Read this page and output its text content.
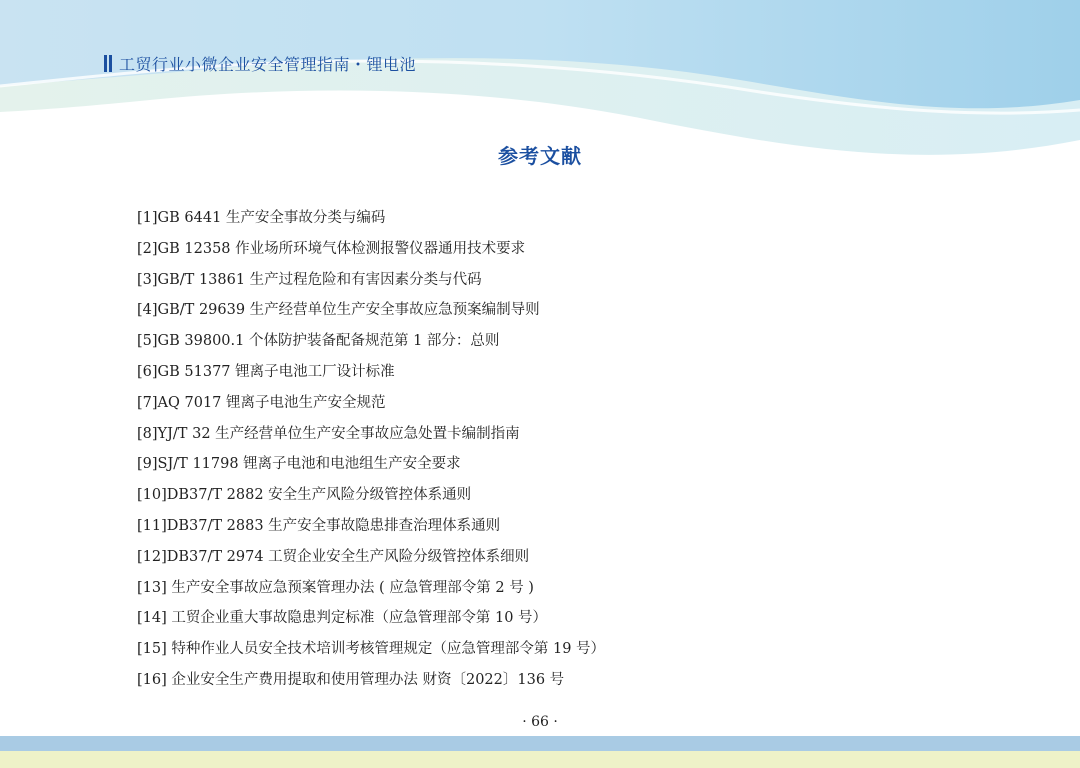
工贸行业小微企业安全管理指南・锂电池
参考文献
[1]GB 6441 生产安全事故分类与编码
[2]GB 12358 作业场所环境气体检测报警仪器通用技术要求
[3]GB/T 13861 生产过程危险和有害因素分类与代码
[4]GB/T 29639 生产经营单位生产安全事故应急预案编制导则
[5]GB 39800.1 个体防护装备配备规范第 1 部分：总则
[6]GB 51377 锂离子电池工厂设计标准
[7]AQ 7017 锂离子电池生产安全规范
[8]YJ/T 32 生产经营单位生产安全事故应急处置卡编制指南
[9]SJ/T 11798 锂离子电池和电池组生产安全要求
[10]DB37/T 2882 安全生产风险分级管控体系通则
[11]DB37/T 2883 生产安全事故隐患排查治理体系通则
[12]DB37/T 2974 工贸企业安全生产风险分级管控体系细则
[13] 生产安全事故应急预案管理办法 ( 应急管理部令第 2 号 )
[14] 工贸企业重大事故隐患判定标准（应急管理部令第 10 号）
[15] 特种作业人员安全技术培训考核管理规定（应急管理部令第 19 号）
[16] 企业安全生产费用提取和使用管理办法 财资〔2022〕136 号
· 66 ·
